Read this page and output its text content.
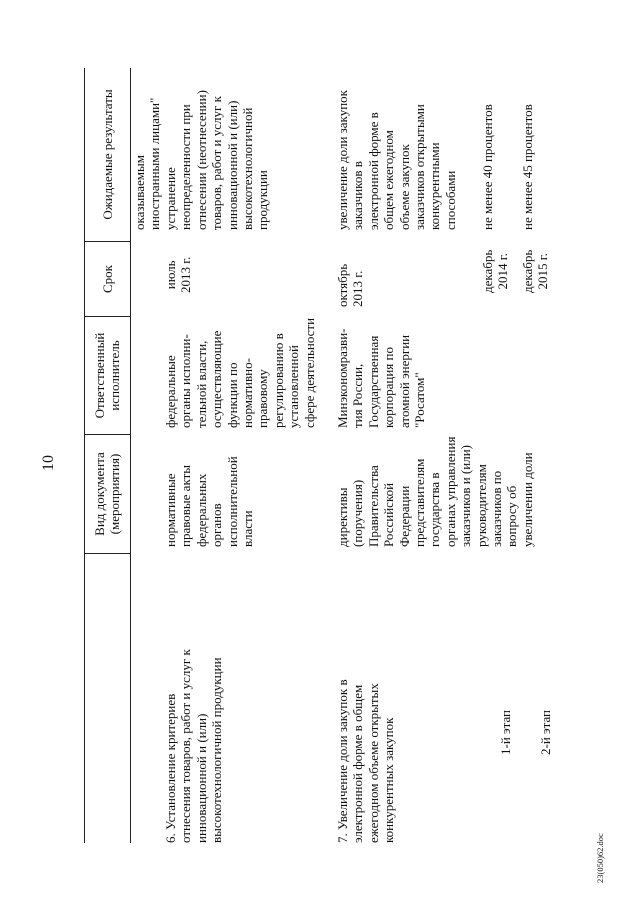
10
Вид документа
(мероприятия)
Ответственный
исполнитель
Срок
Ожидаемые результаты	оказываемым
иностранными лицами"
6. Установление критериев
отнесения товаров, работ и услуг к
инновационной и (или)
высокотехнологичной продукции
нормативные
правовые акты
федеральных
органов
исполнительной
власти
федеральные
органы исполни-
тельной власти,
осуществляющие
функции по
нормативно-
правовому
регулированию в
установленной
сфере деятельности
июль
2013 г.
устранение
неопределенности при
отнесении (неотнесении)
товаров, работ и услуг к
инновационной и (или)
высокотехнологичной
продукции
7. Увеличение доли закупок в
электронной форме в общем
ежегодном объеме открытых
конкурентных закупок
директивы
(поручения)
Правительства
Российской
Федерации
представителям
государства в
органах управления
заказчиков и (или)
руководителям
заказчиков по
вопросу об
увеличении доли
Минэкономразви-
тия России,
Государственная
корпорация по
атомной энергии
"Росатом"
октябрь
2013 г.
увеличение доли закупок
заказчиков в
электронной форме в
общем ежегодном
объеме закупок
заказчиков открытыми
конкурентными
способами
1-й этап
декабрь
2014 г.
не менее 40 процентов
2-й этап
декабрь
2015 г.
не менее 45 процентов
23(050)62.doc
